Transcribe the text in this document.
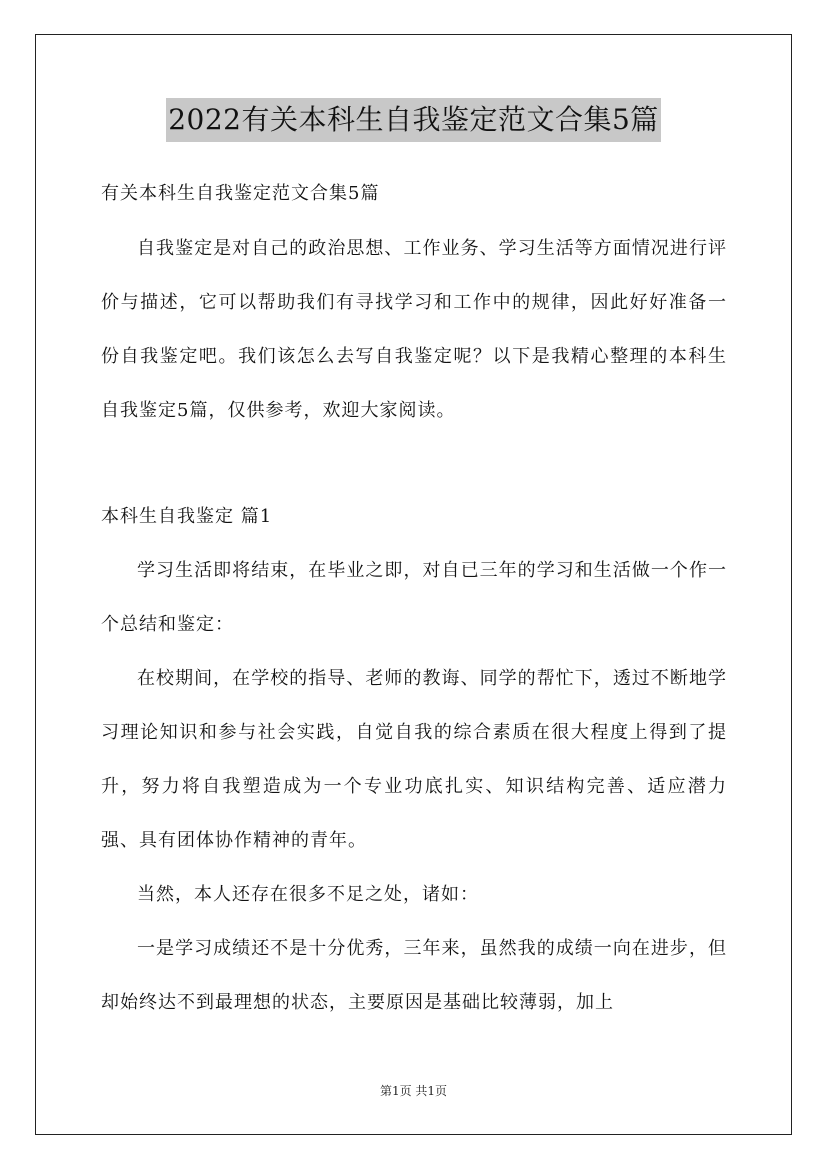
2022有关本科生自我鉴定范文合集5篇
有关本科生自我鉴定范文合集5篇

自我鉴定是对自己的政治思想、工作业务、学习生活等方面情况进行评价与描述，它可以帮助我们有寻找学习和工作中的规律，因此好好准备一份自我鉴定吧。我们该怎么去写自我鉴定呢？以下是我精心整理的本科生自我鉴定5篇，仅供参考，欢迎大家阅读。

本科生自我鉴定 篇1

学习生活即将结束，在毕业之即，对自已三年的学习和生活做一个作一个总结和鉴定：

在校期间，在学校的指导、老师的教诲、同学的帮忙下，透过不断地学习理论知识和参与社会实践，自觉自我的综合素质在很大程度上得到了提升，努力将自我塑造成为一个专业功底扎实、知识结构完善、适应潜力强、具有团体协作精神的青年。

当然，本人还存在很多不足之处，诸如：

一是学习成绩还不是十分优秀，三年来，虽然我的成绩一向在进步，但却始终达不到最理想的状态，主要原因是基础比较薄弱，加上

第1页 共1页
